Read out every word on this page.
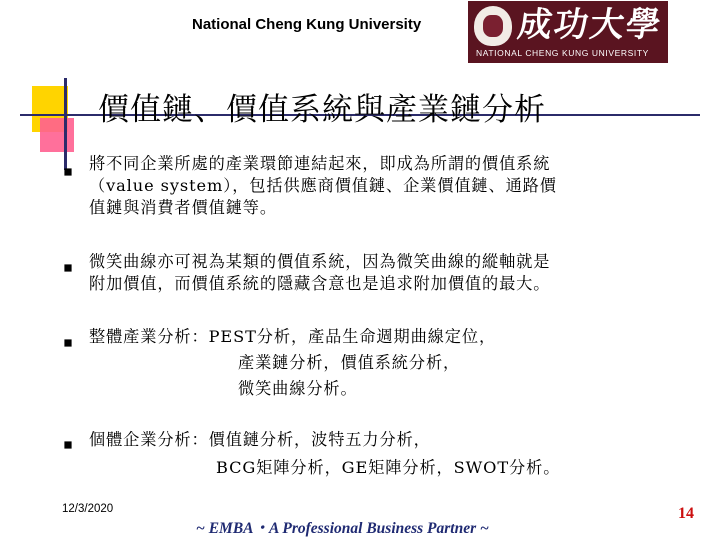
National Cheng Kung University	成功大學
NATIONAL CHENG KUNG UNIVERSITY
價值鏈、價值系統與產業鏈分析
將不同企業所處的產業環節連結起來，即成為所謂的價值系統
（value system），包括供應商價值鏈、企業價值鏈、通路價
值鏈與消費者價值鏈等。
微笑曲線亦可視為某類的價值系統，因為微笑曲線的縱軸就是
附加價值，而價值系統的隱藏含意也是追求附加價值的最大。
整體產業分析：PEST分析，產品生命週期曲線定位，
產業鏈分析，價值系統分析，
微笑曲線分析。
個體企業分析：價值鏈分析，波特五力分析，
BCG矩陣分析，GE矩陣分析，SWOT分析。
12/3/2020
~ EMBA・A Professional Business Partner ~
14
